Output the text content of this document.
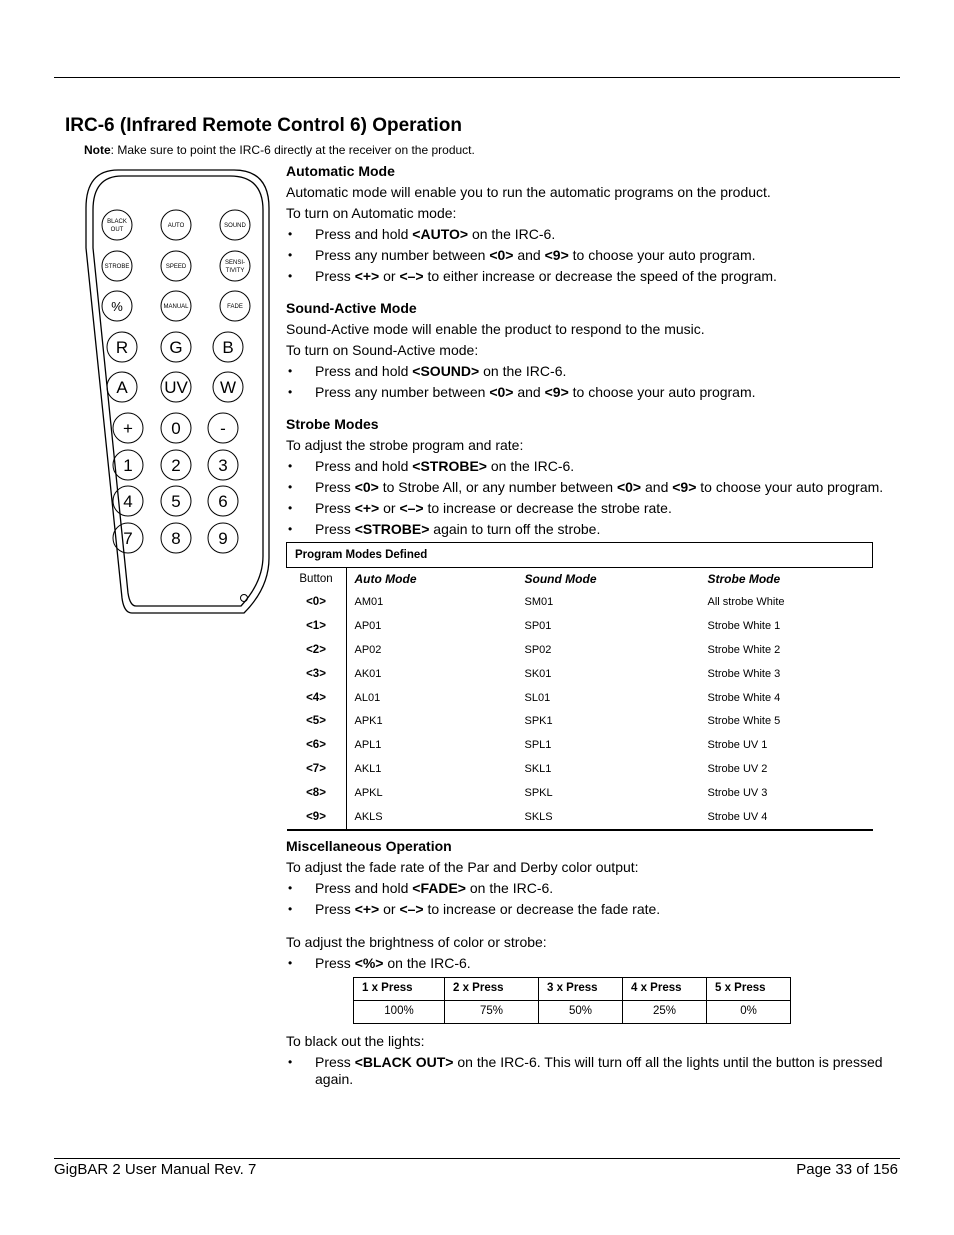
IRC-6 (Infrared Remote Control 6) Operation
Note: Make sure to point the IRC-6 directly at the receiver on the product.
BLACK
OUT
AUTO	SOUND
STROBE	SPEED
SENSI-
TIVITY
%	MANUAL	FADE
R G B
A UV W
+ 0 -
1 2 3
4 5 6
7 8 9
Automatic Mode

Automatic mode will enable you to run the automatic programs on the product.

To turn on Automatic mode:

• Press and hold <AUTO> on the IRC-6.
• Press any number between <0> and <9> to choose your auto program.
• Press <+> or <–> to either increase or decrease the speed of the program.
Sound-Active Mode

Sound-Active mode will enable the product to respond to the music.

To turn on Sound-Active mode:

• Press and hold <SOUND> on the IRC-6.
• Press any number between <0> and <9> to choose your auto program.
Strobe Modes

To adjust the strobe program and rate:

• Press and hold <STROBE> on the IRC-6.
• Press <0> to Strobe All, or any number between <0> and <9> to choose your auto program.
• Press <+> or <–> to increase or decrease the strobe rate.
• Press <STROBE> again to turn off the strobe.
Program Modes Defined			
Button	Auto Mode	Sound Mode	Strobe Mode
<0>	AM01	SM01	All strobe White
<1>	AP01	SP01	Strobe White 1
<2>	AP02	SP02	Strobe White 2
<3>	AK01	SK01	Strobe White 3
<4>	AL01	SL01	Strobe White 4
<5>	APK1	SPK1	Strobe White 5
<6>	APL1	SPL1	Strobe UV 1
<7>	AKL1	SKL1	Strobe UV 2
<8>	APKL	SPKL	Strobe UV 3
<9>	AKLS	SKLS	Strobe UV 4
Miscellaneous Operation

To adjust the fade rate of the Par and Derby color output:

• Press and hold <FADE> on the IRC-6.
• Press <+> or <–> to increase or decrease the fade rate.

To adjust the brightness of color or strobe:

• Press <%> on the IRC-6.
1 x Press	2 x Press	3 x Press	4 x Press	5 x Press
100%	75%	50%	25%	0%

To black out the lights:

• Press <BLACK OUT> on the IRC-6. This will turn off all the lights until the button is pressed again.
GigBAR 2 User Manual Rev. 7	Page 33 of 156
